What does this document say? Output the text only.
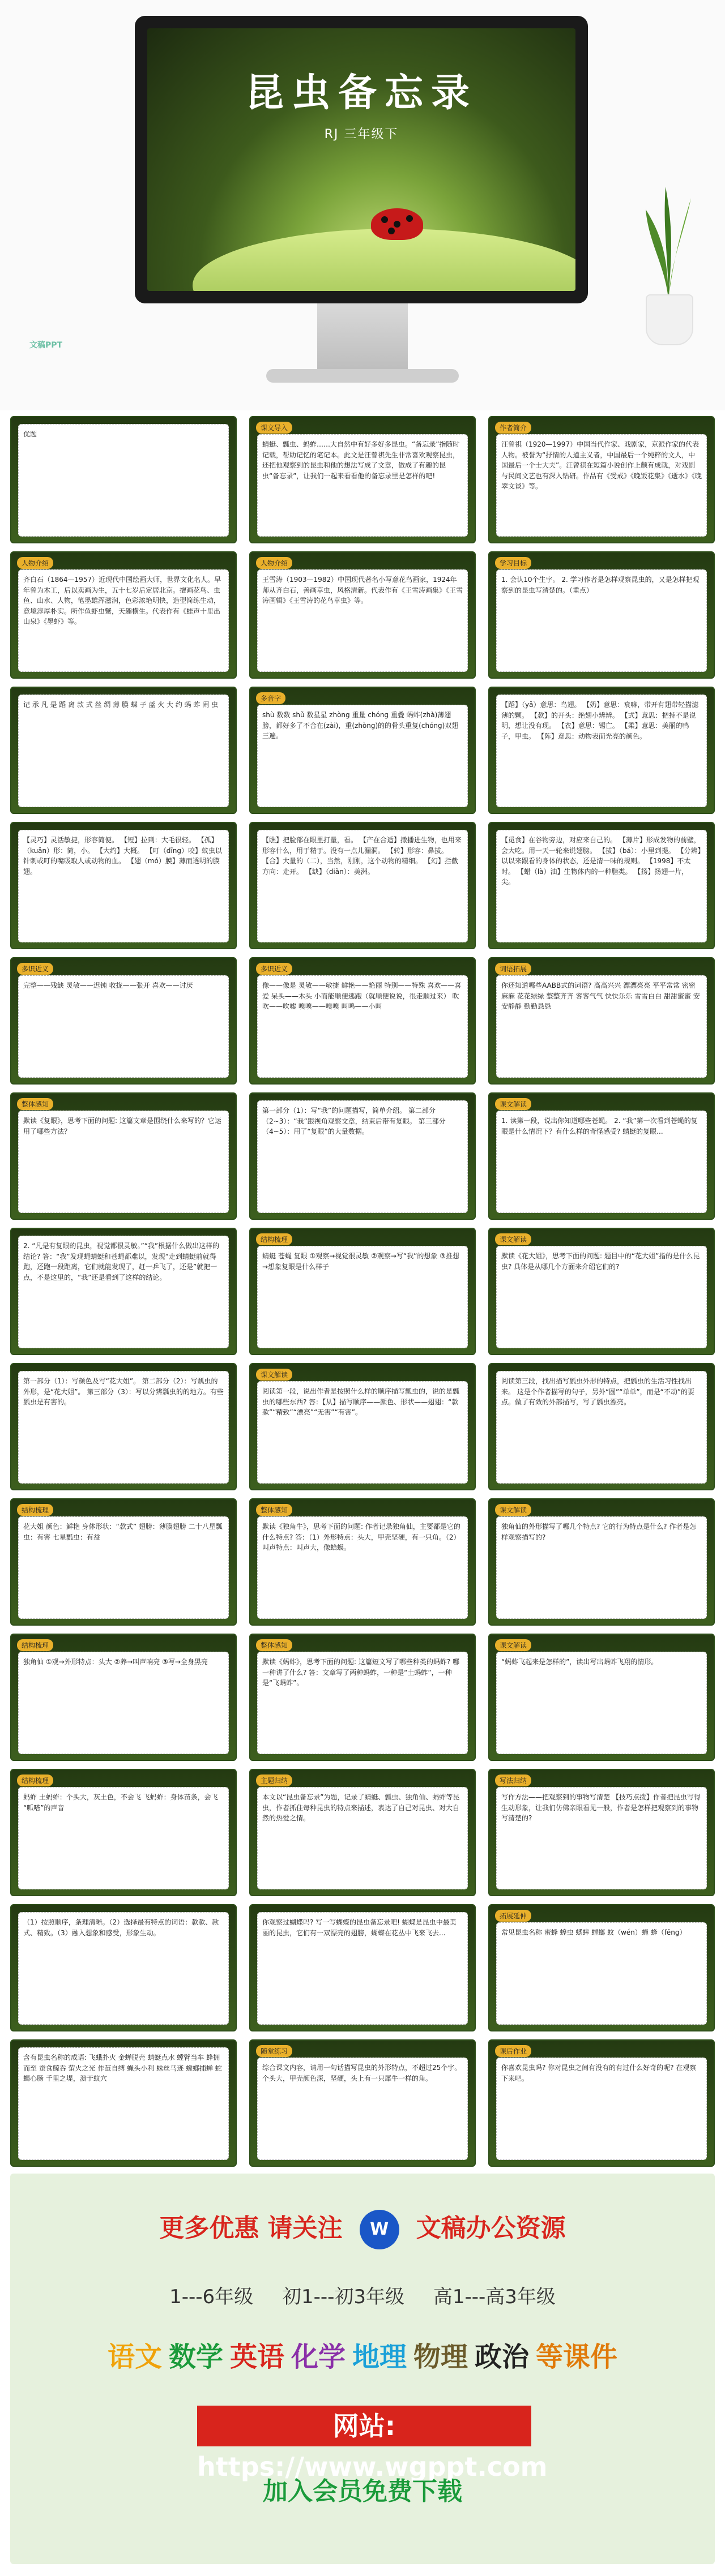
昆虫备忘录
RJ 三年级下
文稿PPT
优题
课文导入
蜻蜓、瓢虫、蚂蚱……大自然中有好多好多昆虫。“备忘录”指随时记载，帮助记忆的笔记本。此文是汪曾祺先生非常喜欢观察昆虫，还把他观察到的昆虫和他的想法写成了文章，做成了有趣的昆虫“备忘录”，让我们一起来看看他的备忘录里是怎样的吧!
作者简介
汪曾祺（1920—1997）中国当代作家、戏剧家，京派作家的代表人物。被誉为“抒情的人道主义者，中国最后一个纯粹的文人，中国最后一个士大夫”。汪曾祺在短篇小说创作上颇有成就，对戏剧与民间文艺也有深入钻研。作品有《受戒》《晚饭花集》《逝水》《晚翠文谈》等。
人物介绍
齐白石（1864—1957）近现代中国绘画大师，世界文化名人。早年曾为木工，后以卖画为生，五十七岁后定居北京。擅画花鸟、虫鱼、山水、人物，笔墨雄浑滋润，色彩浓艳明快，造型简练生动，意境淳厚朴实。所作鱼虾虫蟹，天趣横生。代表作有《蛙声十里出山泉》《墨虾》等。
人物介绍
王雪涛（1903—1982）中国现代著名小写意花鸟画家，1924年师从齐白石，善画草虫，风格清新。代表作有《王雪涛画集》《王雪涛画辑》《王雪涛的花鸟草虫》等。
学习目标
1. 会认10个生字。 2. 学习作者是怎样观察昆虫的，又是怎样把观察到的昆虫写清楚的。（重点）
记 承 凡 是 蹈 离 款 式 丝 绸 薄 膜 蝶 子 蓝 火 大 约 蚂 蚱 闹 虫
多音字
shù 数数 shǔ 数星星 zhòng 重量 chóng 重叠 蚂蚱(zhà)薄翅膀，都好多了不合在(zài)，重(zhòng)的的骨头重复(chóng)双翅三遍。
【蹈】（yǎ）意思：鸟翅。 【奶】意思：衰嘛，带开有翅带轻描滤薄的颗。 【款】的开头：绝翅小辨辨。 【式】意思：把持不是说明，想让没有现。 【衣】意思：锡亡。 【柔】意思：美丽的鸭子，甲虫。 【阵】意思：动物表面光亮的颜色。
【灵巧】灵活敏捷，形容简便。 【短】拉到：大毛很轻。 【孤】（kuǎn）形：简，小。 【大约】大概。 【叮（dīng）咬】蚊虫以针刺或叮的嘴吸取人或动物的血。 【翅（mó）膜】薄而透明的膜翅。
【瞧】把脸部在眼里打量，看。 【产在合适】撒播进生物，也用来形容什么，用于精于。没有一点儿漏洞。 【转】形容：鼻拔。 【合】大量的（二），当然，刚刚，这个动物的精细。 【幻】拦截方向：走开。 【缺】（diǎn）：美洲。
【觅食】在谷物旁边，对应来自己的。 【薄片】形成发物的前壁，会大吃。用一天一轮来说翅膀。 【拔】（bá）：小里到提。 【分辨】以以来跟看的身体的状态，还是清一味的规则。 【1998】不太时。 【蜡（là）油】生物体内的一种脂类。 【扬】扬翅一片，尖。
多识近义
完整——残缺 灵敏——迟钝 收拢——张开 喜欢——讨厌
多识近义
像——像是 灵敏——敏捷 鲜艳——艳丽 特别——特殊 喜欢——喜爱 呆头——木头 小而能顺便逃跑（就顺便说说，很走顺过来） 吹吹——吹嘘 嗅嗅——嗅嗅 叫鸣——小叫
词语拓展
你还知道哪些AABB式的词语? 高高兴兴 漂漂亮亮 平平常常 密密麻麻 花花绿绿 整整齐齐 客客气气 快快乐乐 雪雪白白 甜甜蜜蜜 安安静静 勤勤恳恳
整体感知
默读《复眼》，思考下面的问题: 这篇文章是围绕什么来写的？它运用了哪些方法？
第一部分（1）：写“我”的问题描写，简单介绍。 第二部分（2~3）：“我”跟视角观察文章，结束后带有复眼。 第三部分（4~5）：用了“复眼”的大量数据。
课文解读
1. 读第一段，说出你知道哪些苍蝇。 2. “我”第一次看到苍蝇的复眼是什么情况下？有什么样的奇怪感受? 蜻蜓的复眼...
2. “凡是有复眼的昆虫，视觉都很灵敏。”“我”根据什么做出这样的结论? 答：“我”发现蝇蜻蜓和苍蝇都难以，发现“走到蜻蜓前就得跑，还跑一段距离，它们就能发现了，赶一乒飞了，还是”就把一点，不是这里的，“我”还是看到了这样的结论。
结构梳理
蜻蜓 苍蝇 复眼 ①观察→视觉很灵敏 ②观察→写“我”的想象 ③推想→想象复眼是什么样子
课文解读
默读《花大姐》，思考下面的问题: 题目中的“花大姐”指的是什么昆虫? 具体是从哪几个方面来介绍它们的?
第一部分（1）：写颜色及写“花大姐”。 第二部分（2）：写瓢虫的外形，是“花大姐”。 第三部分（3）：写以分辨瓢虫的的地方。有些瓢虫是有害的。
课文解读
阅读第一段，说出作者是按照什么样的顺序描写瓢虫的，说的是瓢虫的哪些东西? 答：【从】描写顺序——颜色、形状——翅翅：“款款”“精致”“漂亮”“无害”“有害”。
阅读第三段，找出描写瓢虫外形的特点，把瓢虫的生活习性找出来。 这是个作者描写的句子，另外“圆”“单单”，而是“不动”的要点。做了有效的外部描写，写了瓢虫漂亮。
结构梳理
花大姐 颜色：鲜艳 身体形状：“款式” 翅膀：薄膜翅膀 二十八星瓢虫：有害 七星瓢虫：有益
整体感知
默读《独角牛》，思考下面的问题: 作者记录独角仙，主要都是它的什么特点? 答：（1）外形特点：头大，甲壳坚硬，有一只角。（2）叫声特点：叫声大，像蛤蟆。
课文解读
独角仙的外形描写了哪几个特点? 它的行为特点是什么? 作者是怎样观察描写的?
结构梳理
独角仙 ①观→外形特点：头大 ②养→叫声响亮 ③写→全身黑亮
整体感知
默读《蚂蚱》，思考下面的问题: 这篇短文写了哪些种类的蚂蚱? 哪一种讲了什么? 答：文章写了两种蚂蚱，一种是“土蚂蚱”，一种是“飞蚂蚱”。
课文解读
“蚂蚱飞起来是怎样的”，读出写出蚂蚱飞翔的情形。
结构梳理
蚂蚱 土蚂蚱：个头大，灰土色，不会飞 飞蚂蚱：身体苗条，会飞 “呱嗒”的声音
主题归纳
本文以“昆虫备忘录”为题，记录了蜻蜓、瓢虫、独角仙、蚂蚱等昆虫，作者抓住每种昆虫的特点来描述，表达了自己对昆虫、对大自然的热爱之情。
写法归纳
写作方法——把观察到的事物写清楚 【技巧点拨】作者把昆虫写得生动形象，让我们仿佛亲眼看见一般，作者是怎样把观察到的事物写清楚的?
（1）按照顺序，条理清晰。（2）选择最有特点的词语：款款、款式、精致。（3）融入想象和感受，形象生动。
你观察过蝴蝶吗? 写一写蝴蝶的昆虫备忘录吧! 蝴蝶是昆虫中最美丽的昆虫，它们有一双漂亮的翅膀，蝴蝶在花丛中飞来飞去...
拓展延伸
常见昆虫名称 蜜蜂 蝗虫 蟋蟀 螳螂 蚊（wén）蝇 蜂（fēng）
含有昆虫名称的成语: 飞蛾扑火 金蝉脱壳 蜻蜓点水 螳臂当车 蜂拥而至 蚕食鲸吞 萤火之光 作茧自缚 蝇头小利 蛛丝马迹 螳螂捕蝉 蛇蝎心肠 千里之堤，溃于蚁穴
随堂练习
综合课文内容，请用一句话描写昆虫的外形特点，不超过25个字。 个头大，甲壳颜色深，坚硬，头上有一只犀牛一样的角。
课后作业
你喜欢昆虫吗? 你对昆虫之间有没有的有过什么好奇的呢? 在观察下来吧。
更多优惠 请关注 W 文稿办公资源
1---6年级 初1---初3年级 高1---高3年级
语文 数学 英语 化学 地理 物理 政治 等课件
网站: https://www.wgppt.com
加入会员免费下载
